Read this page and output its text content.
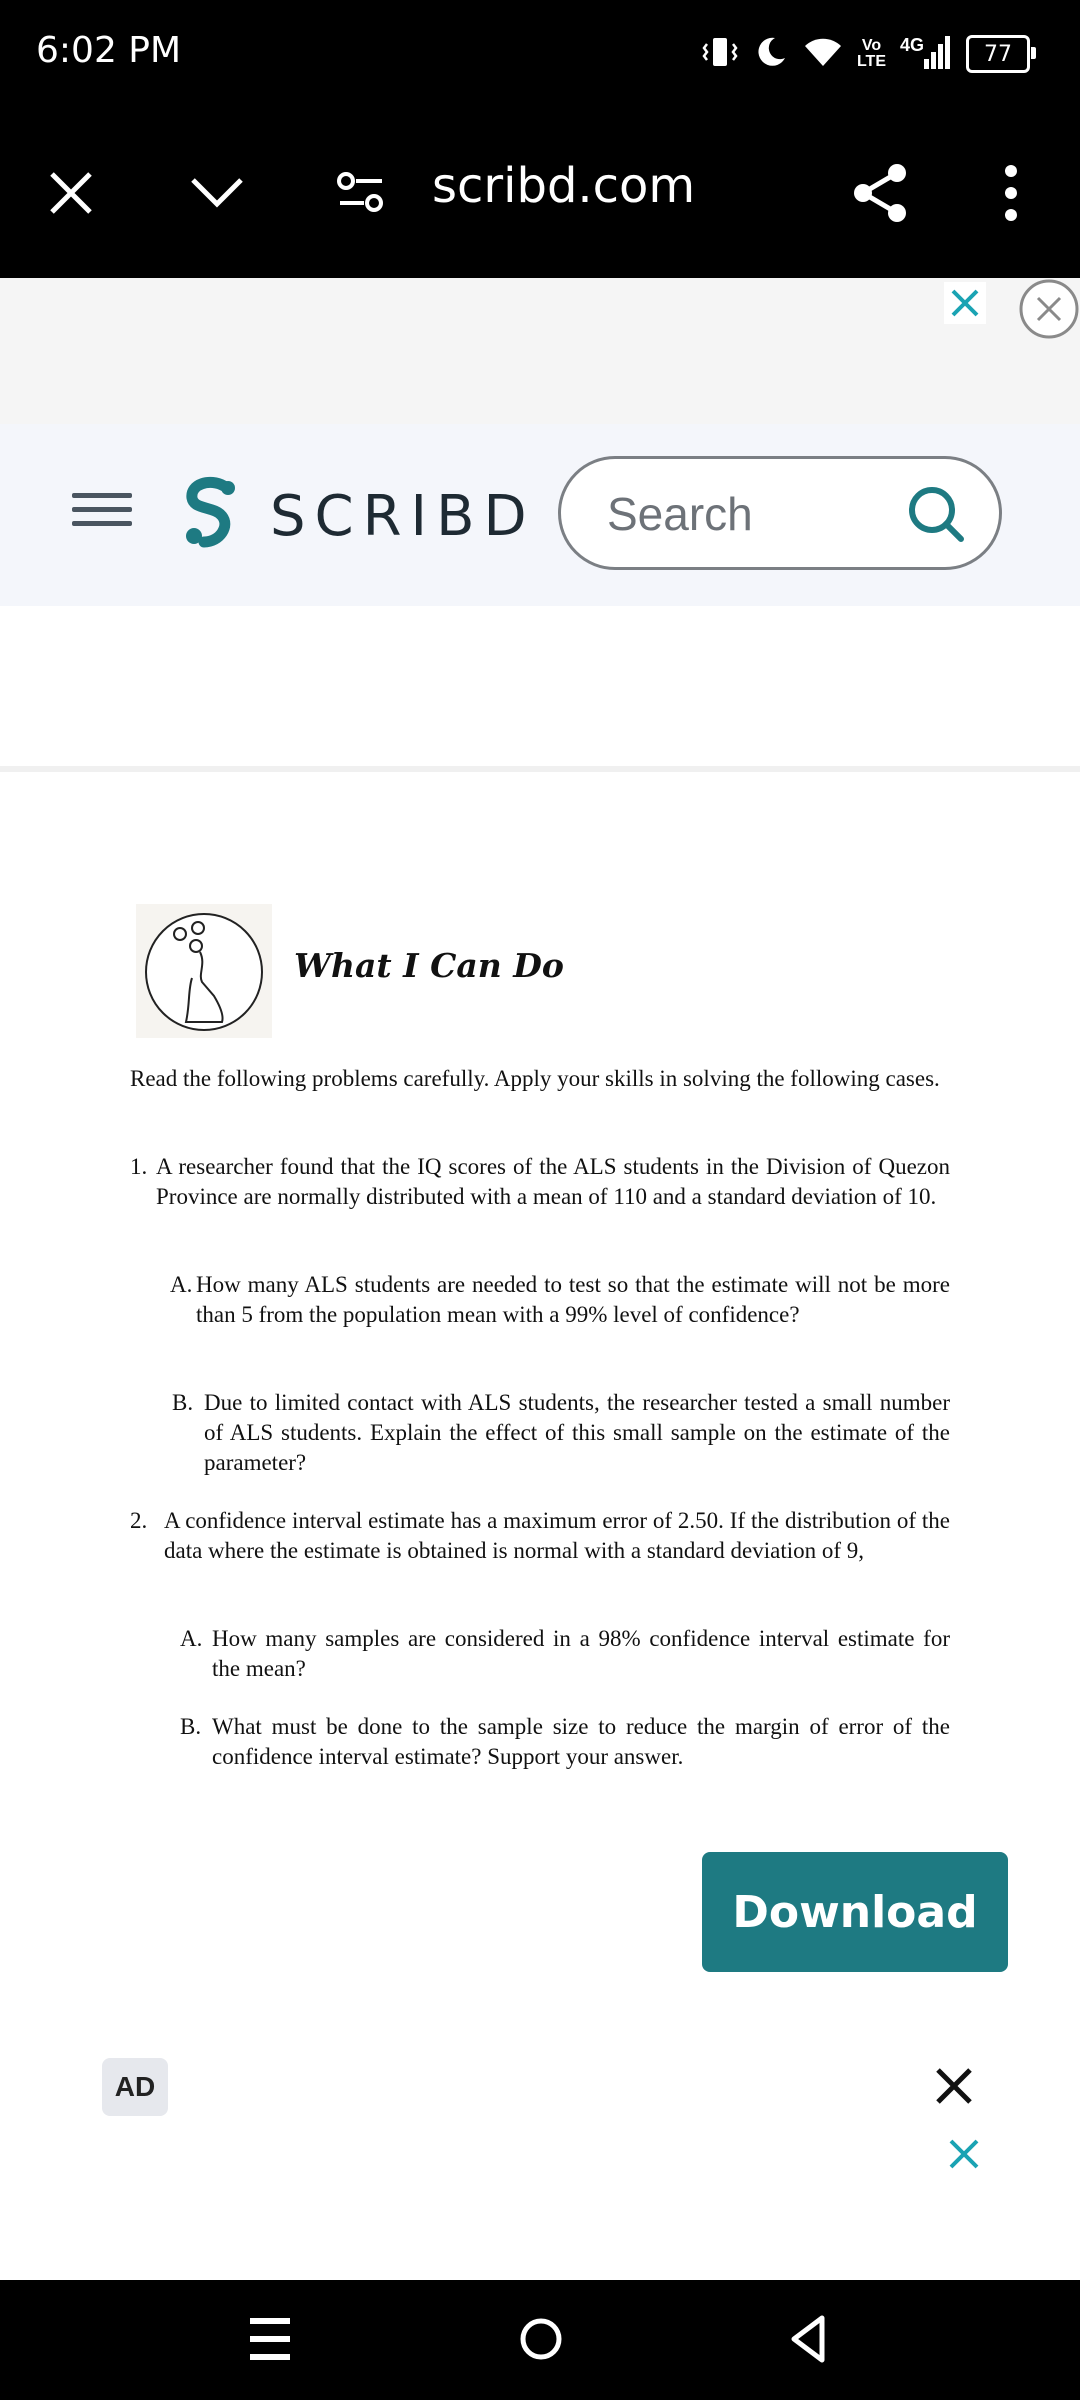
6:02 PM	Vo
LTE
4G	77
scribd.com
SCRIBD
Search
What I Can Do
Read the following problems carefully. Apply your skills in solving the following cases.
1. A researcher found that the IQ scores of the ALS students in the Division of Quezon Province are normally distributed with a mean of 110 and a standard deviation of 10.
A. How many ALS students are needed to test so that the estimate will not be more than 5 from the population mean with a 99% level of confidence?
B. Due to limited contact with ALS students, the researcher tested a small number of ALS students. Explain the effect of this small sample on the estimate of the parameter?
2. A confidence interval estimate has a maximum error of 2.50. If the distribution of the data where the estimate is obtained is normal with a standard deviation of 9,
A. How many samples are considered in a 98% confidence interval estimate for the mean?
B. What must be done to the sample size to reduce the margin of error of the confidence interval estimate? Support your answer.
Download
AD
